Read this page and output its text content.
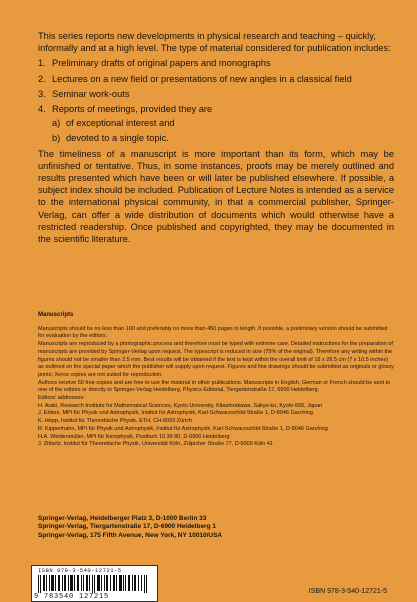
This series reports new developments in physical research and teaching – quickly, informally and at a high level. The type of material considered for publication includes:

1. Preliminary drafts of original papers and monographs
2. Lectures on a new field or presentations of new angles in a classical field
3. Seminar work-outs
4. Reports of meetings, provided they are
a) of exceptional interest and
b) devoted to a single topic.

The timeliness of a manuscript is more important than its form, which may be unfinished or tentative. Thus, in some instances, proofs may be merely outlined and results presented which have been or will later be published elsewhere. If possible, a subject index should be included. Publication of Lecture Notes is intended as a service to the international physical community, in that a commercial publisher, Springer-Verlag, can offer a wide distribution of documents which would otherwise have a restricted readership. Once published and copyrighted, they may be documented in the scientific literature.

Manuscripts

Manuscripts should be no less than 100 and preferably no more than 450 pages in length. If possible, a preliminary version should be submitted for evaluation by the editors.

Manuscripts are reproduced by a photographic process and therefore must be typed with extreme care. Detailed instructions for the preparation of manuscripts are provided by Springer-Verlag upon request. The typescript is reduced in size (75% of the original). Therefore any writing within the figures should not be smaller than 2.5 mm. Best results will be obtained if the text is kept within the overall limit of 18 x 26.5 cm (7 x 10.5 inches) as outlined on the special paper which the publisher will supply upon request. Figures and line drawings should be submitted as originals or glossy prints; Xerox copies are not suited for reproduction.

Authors receive 50 free copies and are free to use the material in other publications. Manuscripts in English, German or French should be sent to one of the editors or directly to Springer-Verlag Heidelberg, Physics Editorial, Tiergartenstraße 17, 6900 Heidelberg.

Editors' addresses:

H. Araki, Research Institute for Mathematical Sciences, Kyoto University, Kitashirakawa, Sakyo-ku, Kyoto 606, Japan

J. Ehlers, MPI für Physik und Astrophysik, Institut für Astrophysik, Karl-Schwarzschild-Straße 1, D-8046 Garching

K. Hepp, Institut für Theoretische Physik, ETH, CH-8093 Zürich

R. Kippenhahn, MPI für Physik und Astrophysik, Institut für Astrophysik, Karl-Schwarzschild-Straße 1, D-8046 Garching

H.A. Weidenmüller, MPI für Kernphysik, Postfach 10 39 80, D-6900 Heidelberg

J. Zittartz, Institut für Theoretische Physik, Universität Köln, Zülpicher Straße 77, D-5000 Köln 41

Springer-Verlag, Heidelberger Platz 3, D-1000 Berlin 33

Springer-Verlag, Tiergartenstraße 17, D-6900 Heidelberg 1

Springer-Verlag, 175 Fifth Avenue, New York, NY 10010/USA

ISBN 978-3-540-12721-5
9 783540 127215
ISBN 978-3-540-12721-5
